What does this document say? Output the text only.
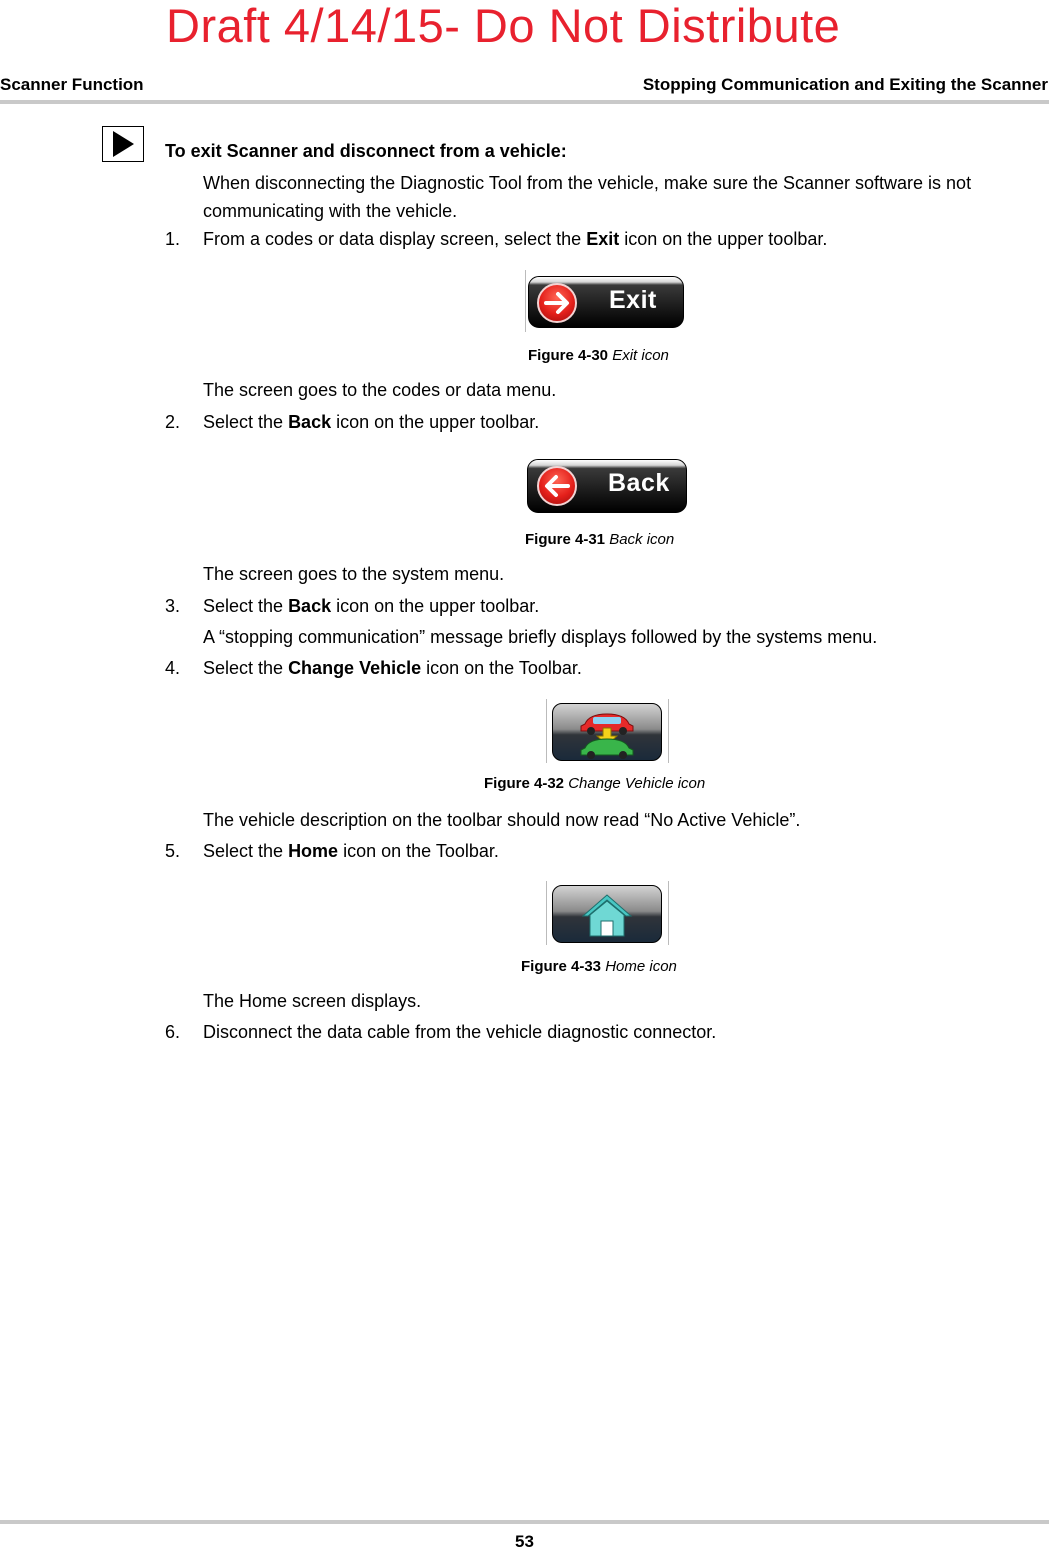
Draft 4/14/15- Do Not Distribute
Scanner Function	Stopping Communication and Exiting the Scanner
To exit Scanner and disconnect from a vehicle:
When disconnecting the Diagnostic Tool from the vehicle, make sure the Scanner software is not communicating with the vehicle.
1. From a codes or data display screen, select the Exit icon on the upper toolbar.
Exit
Figure 4-30 Exit icon
The screen goes to the codes or data menu.
2. Select the Back icon on the upper toolbar.
Back
Figure 4-31 Back icon
The screen goes to the system menu.
3. Select the Back icon on the upper toolbar.
A “stopping communication” message briefly displays followed by the systems menu.
4. Select the Change Vehicle icon on the Toolbar.
Figure 4-32 Change Vehicle icon
The vehicle description on the toolbar should now read “No Active Vehicle”.
5. Select the Home icon on the Toolbar.
Figure 4-33 Home icon
The Home screen displays.
6. Disconnect the data cable from the vehicle diagnostic connector.
53
